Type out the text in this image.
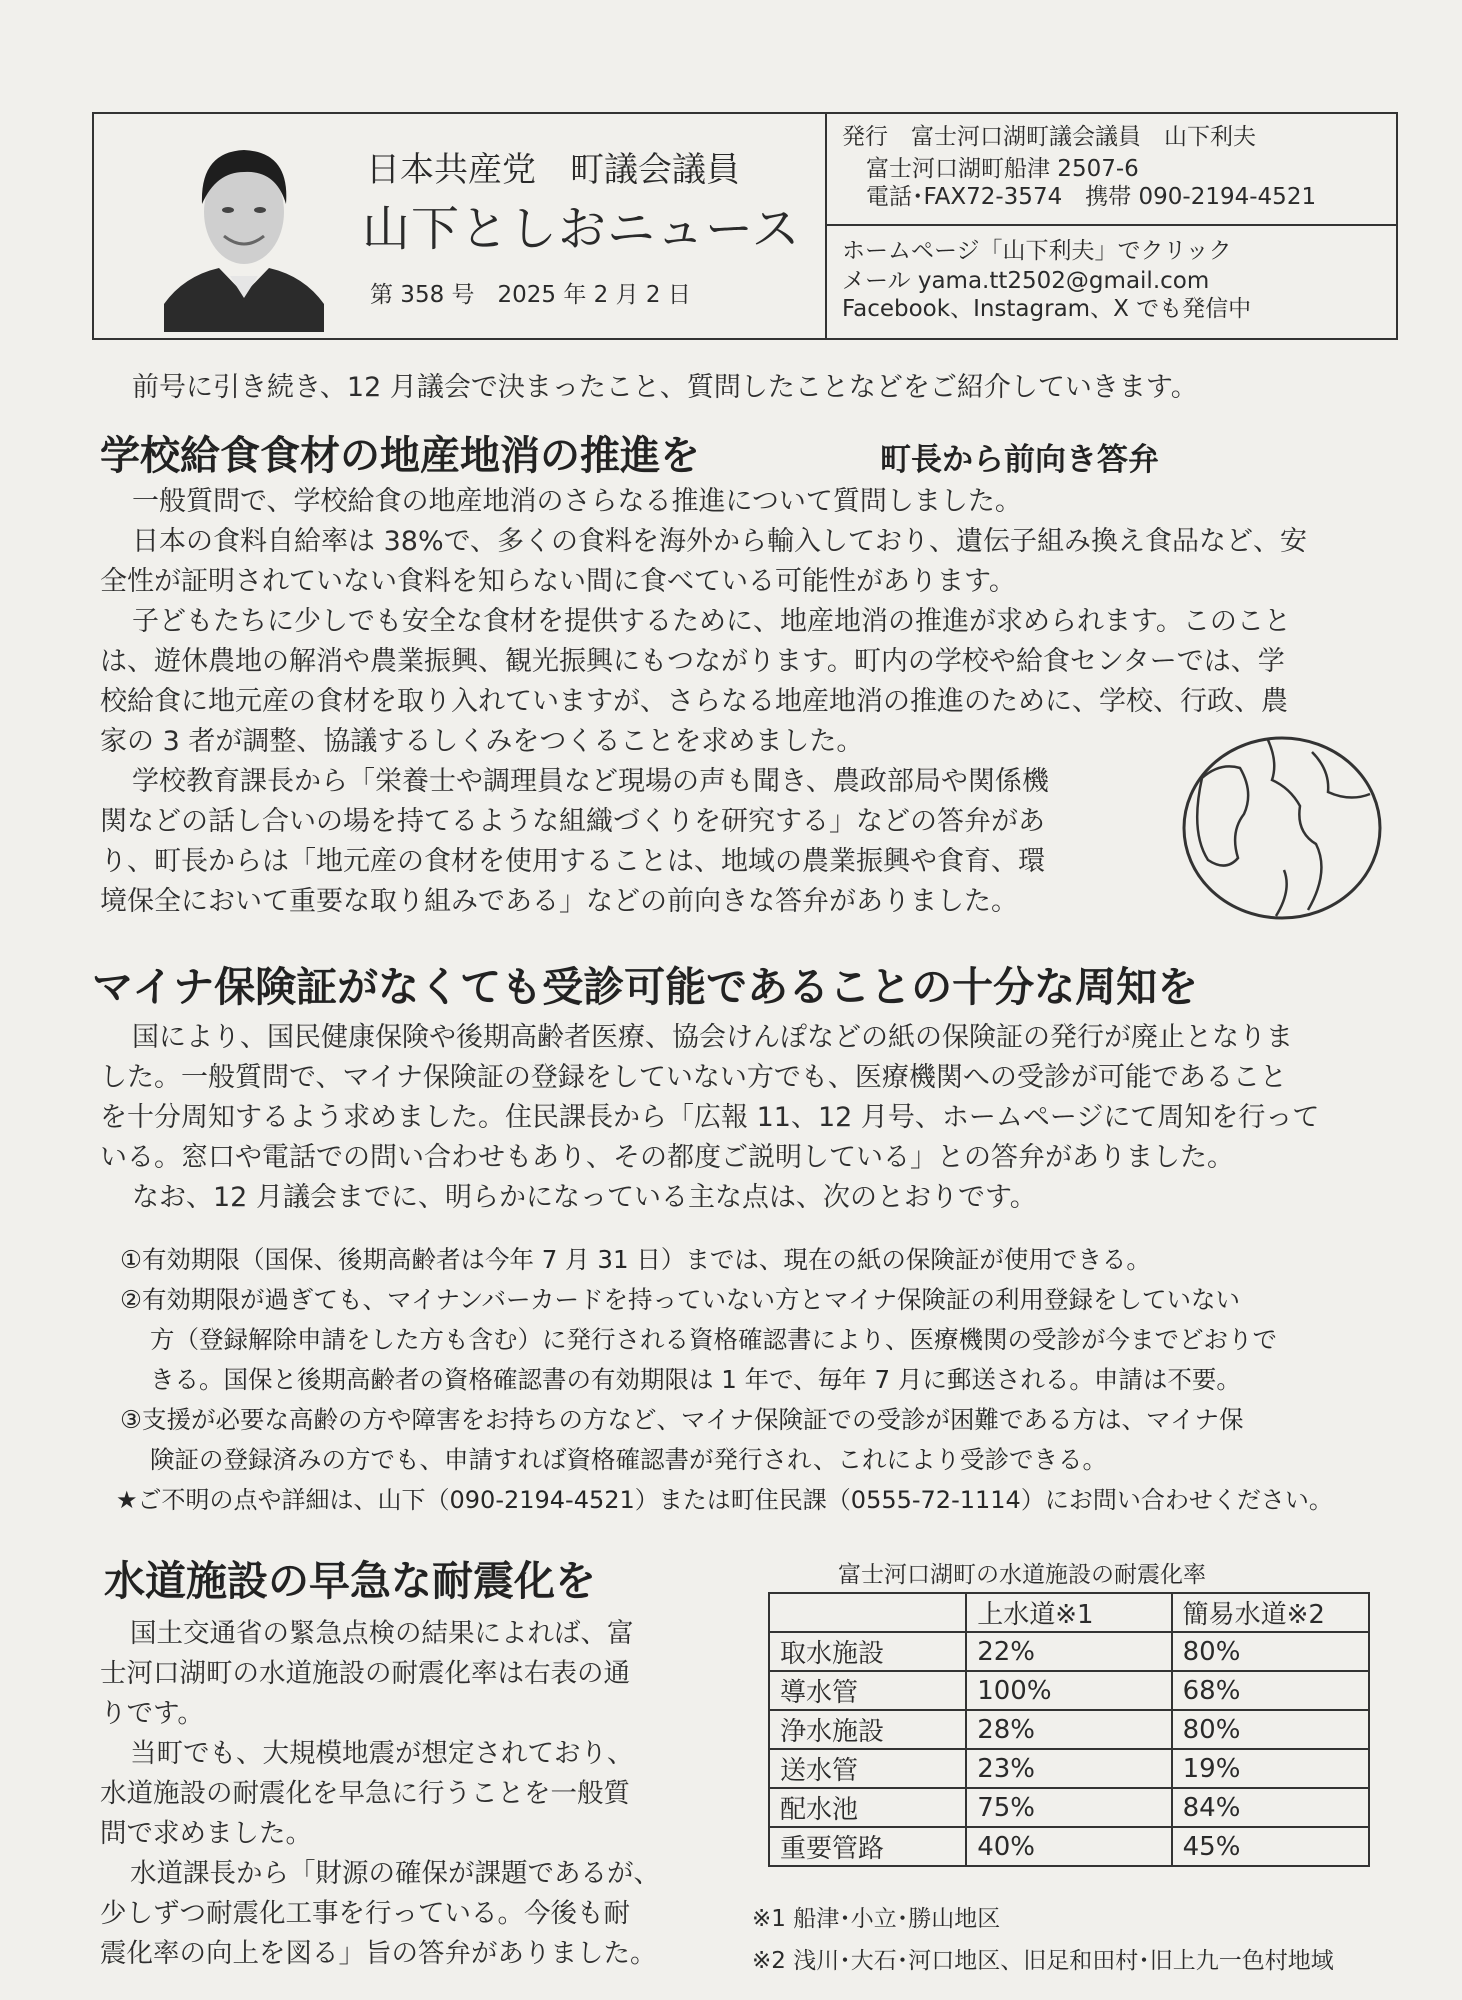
日本共産党　町議会議員
山下としおニュース
第 358 号　2025 年 2 月 2 日
発行　富士河口湖町議会議員　山下利夫
富士河口湖町船津 2507-6
電話･FAX72-3574　携帯 090-2194-4521
ホームページ「山下利夫」でクリック
メール yama.tt2502@gmail.com
Facebook、Instagram、X でも発信中
前号に引き続き、12 月議会で決まったこと、質問したことなどをご紹介していきます。
学校給食食材の地産地消の推進を	町長から前向き答弁
一般質問で、学校給食の地産地消のさらなる推進について質問しました。
日本の食料自給率は 38%で、多くの食料を海外から輸入しており、遺伝子組み換え食品など、安
全性が証明されていない食料を知らない間に食べている可能性があります。
子どもたちに少しでも安全な食材を提供するために、地産地消の推進が求められます。このこと
は、遊休農地の解消や農業振興、観光振興にもつながります。町内の学校や給食センターでは、学
校給食に地元産の食材を取り入れていますが、さらなる地産地消の推進のために、学校、行政、農
家の 3 者が調整、協議するしくみをつくることを求めました。
学校教育課長から「栄養士や調理員など現場の声も聞き、農政部局や関係機
関などの話し合いの場を持てるような組織づくりを研究する」などの答弁があ
り、町長からは「地元産の食材を使用することは、地域の農業振興や食育、環
境保全において重要な取り組みである」などの前向きな答弁がありました。
マイナ保険証がなくても受診可能であることの十分な周知を
国により、国民健康保険や後期高齢者医療、協会けんぽなどの紙の保険証の発行が廃止となりま
した。一般質問で、マイナ保険証の登録をしていない方でも、医療機関への受診が可能であること
を十分周知するよう求めました。住民課長から「広報 11、12 月号、ホームページにて周知を行って
いる。窓口や電話での問い合わせもあり、その都度ご説明している」との答弁がありました。
なお、12 月議会までに、明らかになっている主な点は、次のとおりです。
①有効期限（国保、後期高齢者は今年 7 月 31 日）までは、現在の紙の保険証が使用できる。
②有効期限が過ぎても、マイナンバーカードを持っていない方とマイナ保険証の利用登録をしていない
方（登録解除申請をした方も含む）に発行される資格確認書により、医療機関の受診が今までどおりで
きる。国保と後期高齢者の資格確認書の有効期限は 1 年で、毎年 7 月に郵送される。申請は不要。
③支援が必要な高齢の方や障害をお持ちの方など、マイナ保険証での受診が困難である方は、マイナ保
険証の登録済みの方でも、申請すれば資格確認書が発行され、これにより受診できる。
★ご不明の点や詳細は、山下（090-2194-4521）または町住民課（0555-72-1114）にお問い合わせください。
水道施設の早急な耐震化を
国土交通省の緊急点検の結果によれば、富
士河口湖町の水道施設の耐震化率は右表の通
りです。
当町でも、大規模地震が想定されており、
水道施設の耐震化を早急に行うことを一般質
問で求めました。
水道課長から「財源の確保が課題であるが、
少しずつ耐震化工事を行っている。今後も耐
震化率の向上を図る」旨の答弁がありました。
富士河口湖町の水道施設の耐震化率
	上水道※1	簡易水道※2
取水施設	22%	80%
導水管	100%	68%
浄水施設	28%	80%
送水管	23%	19%
配水池	75%	84%
重要管路	40%	45%
※1 船津･小立･勝山地区
※2 浅川･大石･河口地区、旧足和田村･旧上九一色村地域
